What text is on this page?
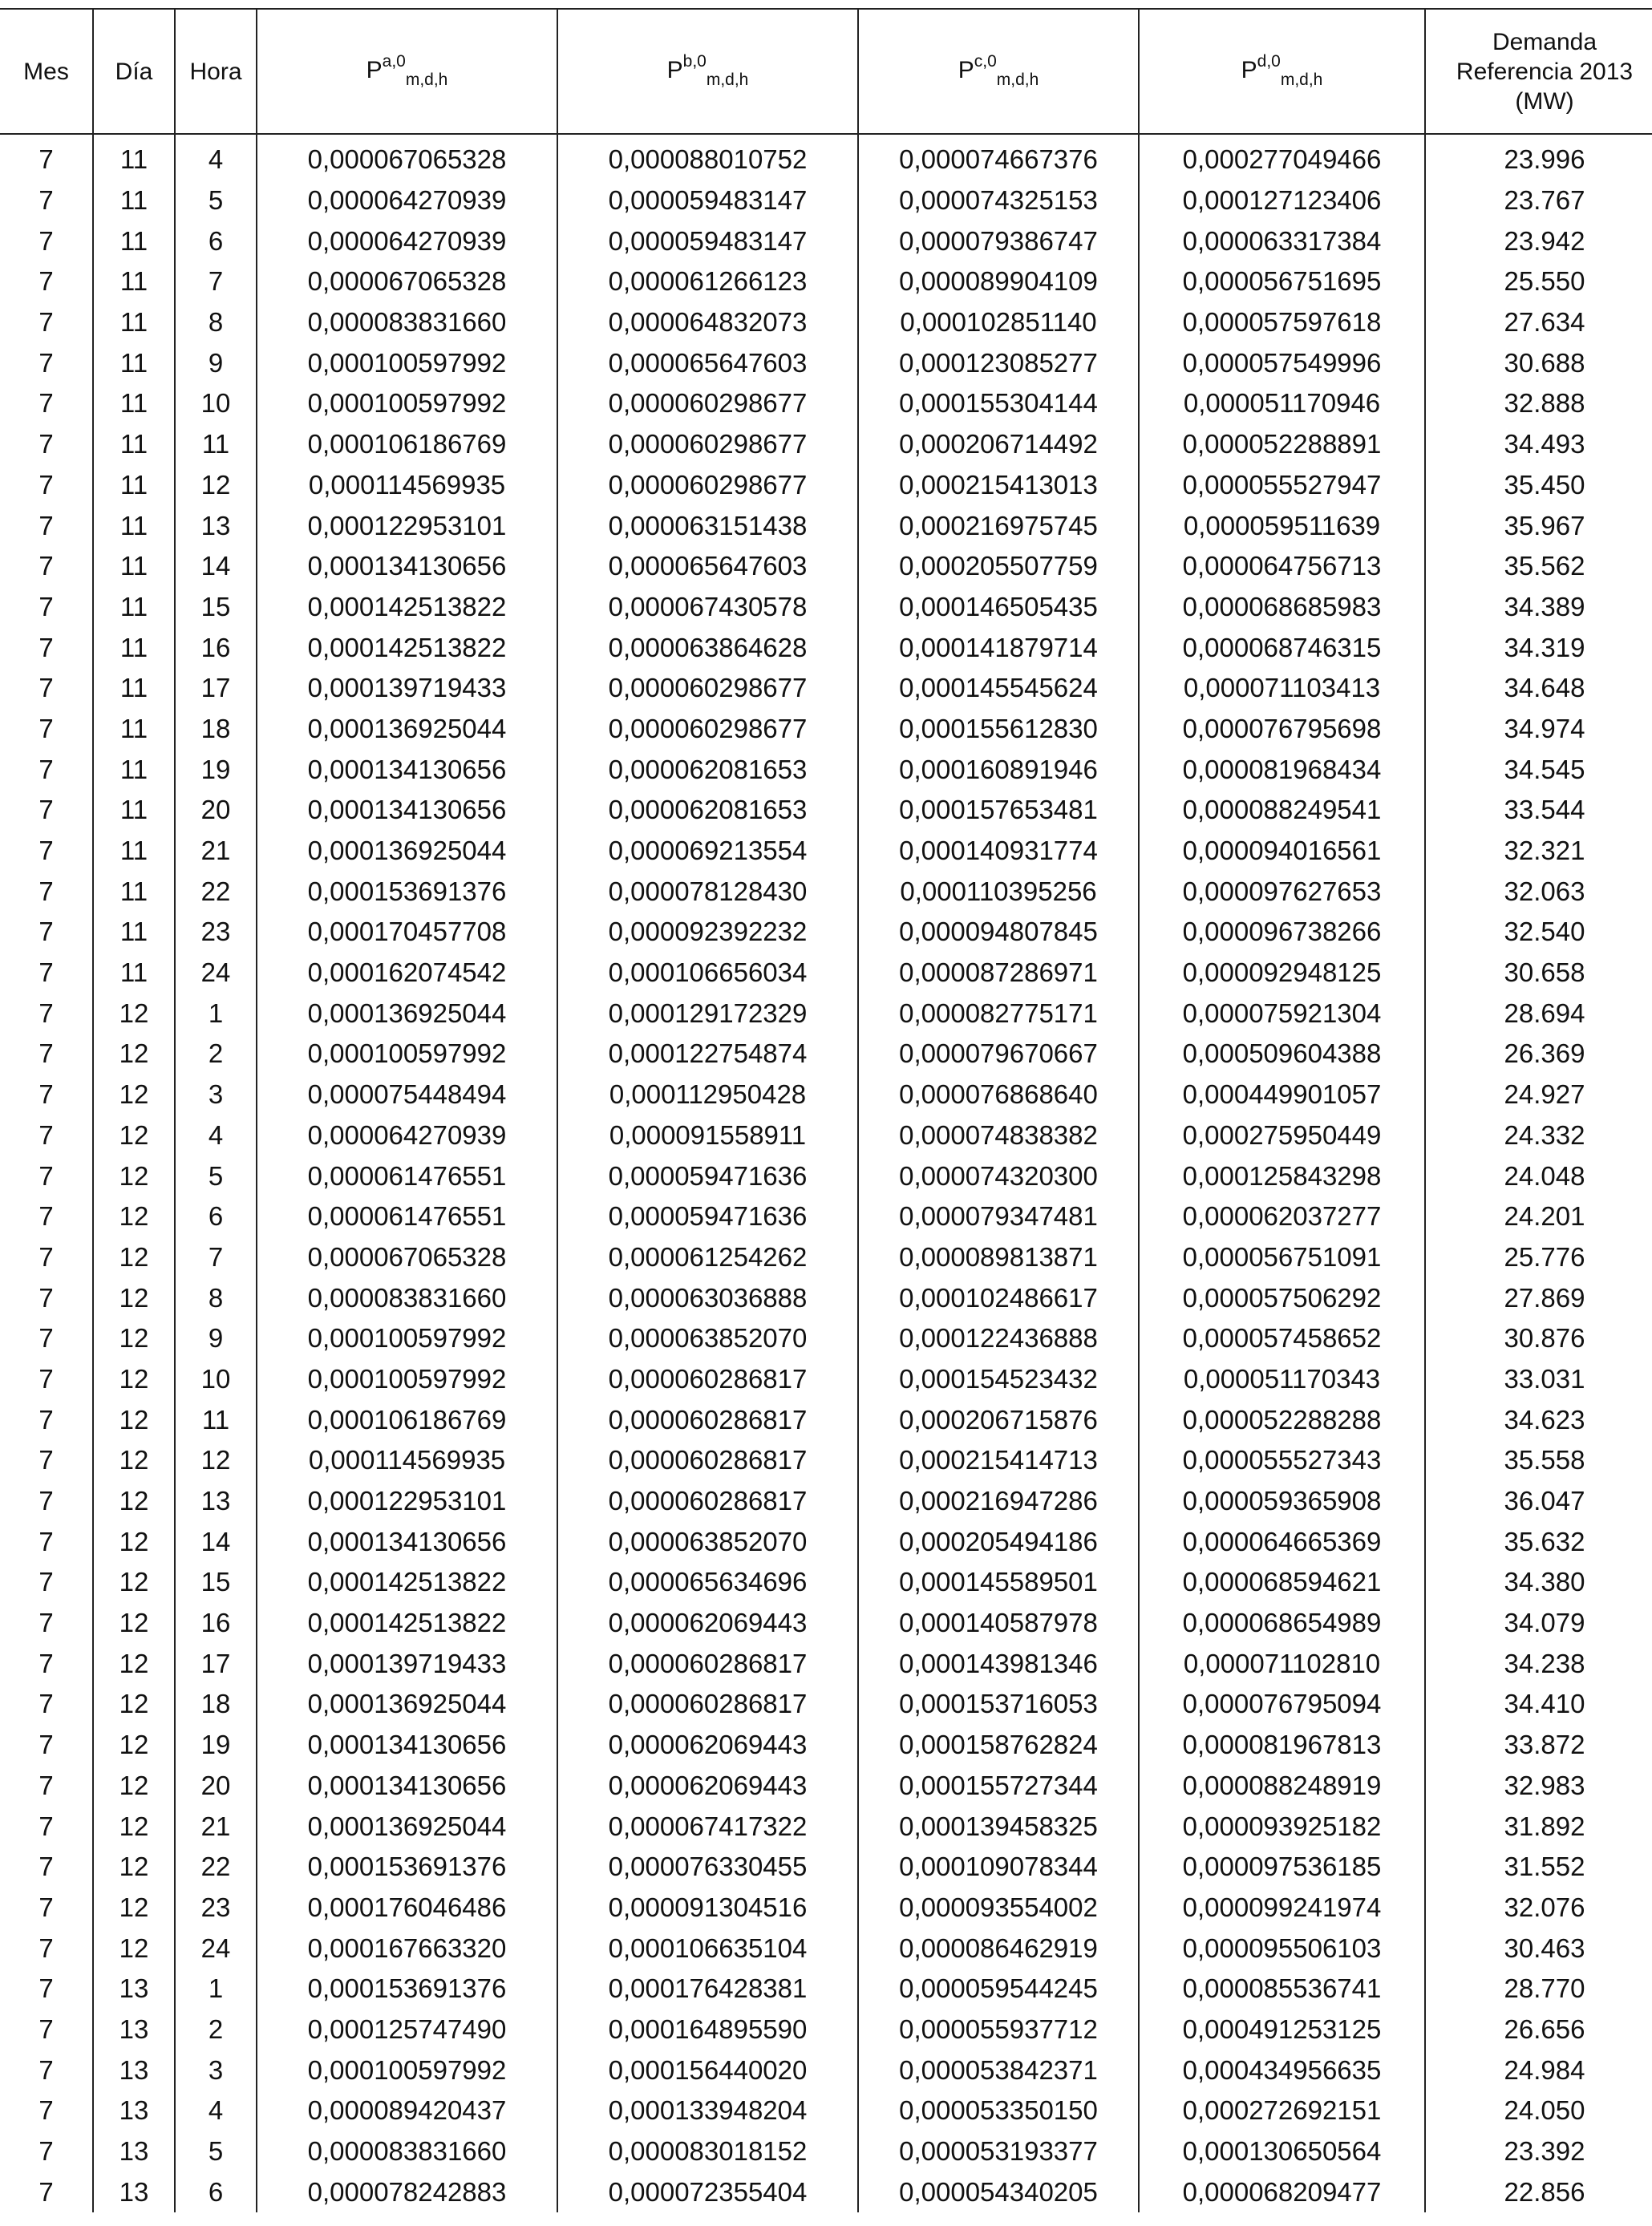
Mes	Día	Hora	P$^{a,0}_{m,d,h}$	P$^{b,0}_{m,d,h}$	P$^{c,0}_{m,d,h}$	P$^{d,0}_{m,d,h}$	Demanda
Referencia 2013
(MW)

7	11	4	0,000067065328	0,000088010752	0,000074667376	0,000277049466	23.996
7	11	5	0,000064270939	0,000059483147	0,000074325153	0,000127123406	23.767
7	11	6	0,000064270939	0,000059483147	0,000079386747	0,000063317384	23.942
7	11	7	0,000067065328	0,000061266123	0,000089904109	0,000056751695	25.550
7	11	8	0,000083831660	0,000064832073	0,000102851140	0,000057597618	27.634
7	11	9	0,000100597992	0,000065647603	0,000123085277	0,000057549996	30.688
7	11	10	0,000100597992	0,000060298677	0,000155304144	0,000051170946	32.888
7	11	11	0,000106186769	0,000060298677	0,000206714492	0,000052288891	34.493
7	11	12	0,000114569935	0,000060298677	0,000215413013	0,000055527947	35.450
7	11	13	0,000122953101	0,000063151438	0,000216975745	0,000059511639	35.967
7	11	14	0,000134130656	0,000065647603	0,000205507759	0,000064756713	35.562
7	11	15	0,000142513822	0,000067430578	0,000146505435	0,000068685983	34.389
7	11	16	0,000142513822	0,000063864628	0,000141879714	0,000068746315	34.319
7	11	17	0,000139719433	0,000060298677	0,000145545624	0,000071103413	34.648
7	11	18	0,000136925044	0,000060298677	0,000155612830	0,000076795698	34.974
7	11	19	0,000134130656	0,000062081653	0,000160891946	0,000081968434	34.545
7	11	20	0,000134130656	0,000062081653	0,000157653481	0,000088249541	33.544
7	11	21	0,000136925044	0,000069213554	0,000140931774	0,000094016561	32.321
7	11	22	0,000153691376	0,000078128430	0,000110395256	0,000097627653	32.063
7	11	23	0,000170457708	0,000092392232	0,000094807845	0,000096738266	32.540
7	11	24	0,000162074542	0,000106656034	0,000087286971	0,000092948125	30.658
7	12	1	0,000136925044	0,000129172329	0,000082775171	0,000075921304	28.694
7	12	2	0,000100597992	0,000122754874	0,000079670667	0,000509604388	26.369
7	12	3	0,000075448494	0,000112950428	0,000076868640	0,000449901057	24.927
7	12	4	0,000064270939	0,000091558911	0,000074838382	0,000275950449	24.332
7	12	5	0,000061476551	0,000059471636	0,000074320300	0,000125843298	24.048
7	12	6	0,000061476551	0,000059471636	0,000079347481	0,000062037277	24.201
7	12	7	0,000067065328	0,000061254262	0,000089813871	0,000056751091	25.776
7	12	8	0,000083831660	0,000063036888	0,000102486617	0,000057506292	27.869
7	12	9	0,000100597992	0,000063852070	0,000122436888	0,000057458652	30.876
7	12	10	0,000100597992	0,000060286817	0,000154523432	0,000051170343	33.031
7	12	11	0,000106186769	0,000060286817	0,000206715876	0,000052288288	34.623
7	12	12	0,000114569935	0,000060286817	0,000215414713	0,000055527343	35.558
7	12	13	0,000122953101	0,000060286817	0,000216947286	0,000059365908	36.047
7	12	14	0,000134130656	0,000063852070	0,000205494186	0,000064665369	35.632
7	12	15	0,000142513822	0,000065634696	0,000145589501	0,000068594621	34.380
7	12	16	0,000142513822	0,000062069443	0,000140587978	0,000068654989	34.079
7	12	17	0,000139719433	0,000060286817	0,000143981346	0,000071102810	34.238
7	12	18	0,000136925044	0,000060286817	0,000153716053	0,000076795094	34.410
7	12	19	0,000134130656	0,000062069443	0,000158762824	0,000081967813	33.872
7	12	20	0,000134130656	0,000062069443	0,000155727344	0,000088248919	32.983
7	12	21	0,000136925044	0,000067417322	0,000139458325	0,000093925182	31.892
7	12	22	0,000153691376	0,000076330455	0,000109078344	0,000097536185	31.552
7	12	23	0,000176046486	0,000091304516	0,000093554002	0,000099241974	32.076
7	12	24	0,000167663320	0,000106635104	0,000086462919	0,000095506103	30.463
7	13	1	0,000153691376	0,000176428381	0,000059544245	0,000085536741	28.770
7	13	2	0,000125747490	0,000164895590	0,000055937712	0,000491253125	26.656
7	13	3	0,000100597992	0,000156440020	0,000053842371	0,000434956635	24.984
7	13	4	0,000089420437	0,000133948204	0,000053350150	0,000272692151	24.050
7	13	5	0,000083831660	0,000083018152	0,000053193377	0,000130650564	23.392
7	13	6	0,000078242883	0,000072355404	0,000054340205	0,000068209477	22.856
